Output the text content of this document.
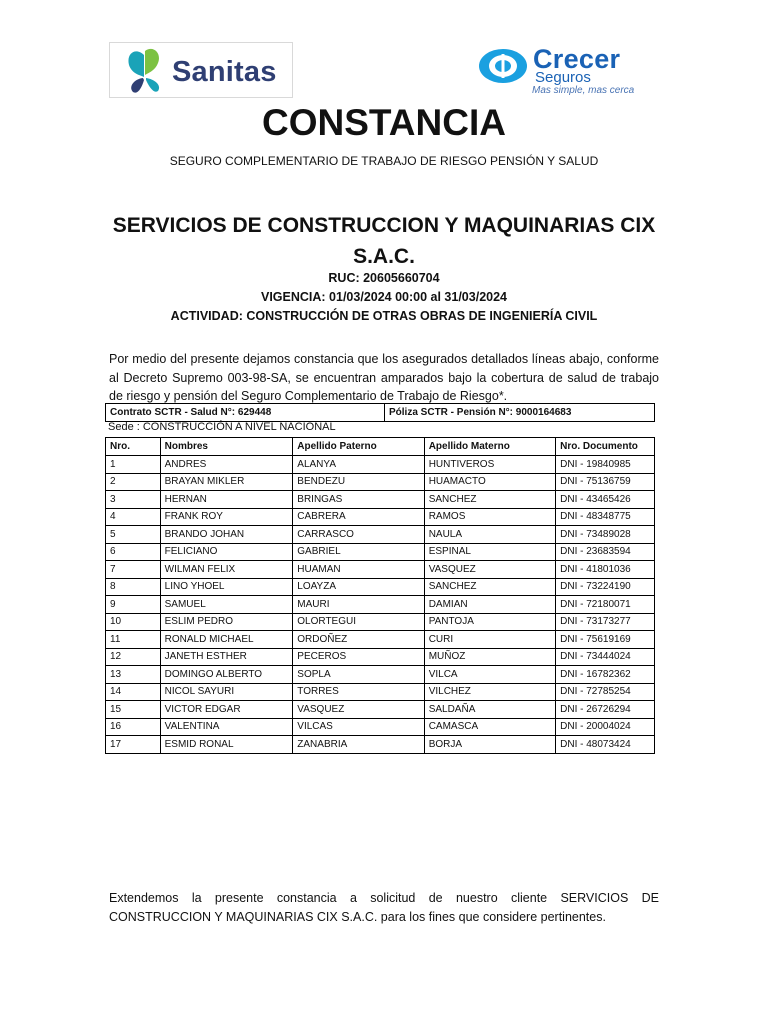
Sanitas	Crecer
Seguros
Mas simple, mas cerca
CONSTANCIA
SEGURO COMPLEMENTARIO DE TRABAJO DE RIESGO PENSIÓN Y SALUD
SERVICIOS DE CONSTRUCCION Y MAQUINARIAS CIX S.A.C.
RUC: 20605660704
VIGENCIA: 01/03/2024 00:00 al 31/03/2024
ACTIVIDAD: CONSTRUCCIÓN DE OTRAS OBRAS DE INGENIERÍA CIVIL
Por medio del presente dejamos constancia que los asegurados detallados líneas abajo, conforme al Decreto Supremo 003-98-SA, se encuentran amparados bajo la cobertura de salud de trabajo de riesgo y pensión del Seguro Complementario de Trabajo de Riesgo*.
Contrato SCTR - Salud N°: 629448	Póliza SCTR - Pensión N°: 9000164683
Sede : CONSTRUCCIÓN A NIVEL NACIONAL
Nro.	Nombres	Apellido Paterno	Apellido Materno	Nro. Documento
1	ANDRES	ALANYA	HUNTIVEROS	DNI - 19840985
2	BRAYAN MIKLER	BENDEZU	HUAMACTO	DNI - 75136759
3	HERNAN	BRINGAS	SANCHEZ	DNI - 43465426
4	FRANK ROY	CABRERA	RAMOS	DNI - 48348775
5	BRANDO JOHAN	CARRASCO	NAULA	DNI - 73489028
6	FELICIANO	GABRIEL	ESPINAL	DNI - 23683594
7	WILMAN FELIX	HUAMAN	VASQUEZ	DNI - 41801036
8	LINO YHOEL	LOAYZA	SANCHEZ	DNI - 73224190
9	SAMUEL	MAURI	DAMIAN	DNI - 72180071
10	ESLIM PEDRO	OLORTEGUI	PANTOJA	DNI - 73173277
11	RONALD MICHAEL	ORDOÑEZ	CURI	DNI - 75619169
12	JANETH ESTHER	PECEROS	MUÑOZ	DNI - 73444024
13	DOMINGO ALBERTO	SOPLA	VILCA	DNI - 16782362
14	NICOL SAYURI	TORRES	VILCHEZ	DNI - 72785254
15	VICTOR EDGAR	VASQUEZ	SALDAÑA	DNI - 26726294
16	VALENTINA	VILCAS	CAMASCA	DNI - 20004024
17	ESMID RONAL	ZANABRIA	BORJA	DNI - 48073424
Extendemos la presente constancia a solicitud de nuestro cliente SERVICIOS DE CONSTRUCCION Y MAQUINARIAS CIX S.A.C. para los fines que considere pertinentes.
